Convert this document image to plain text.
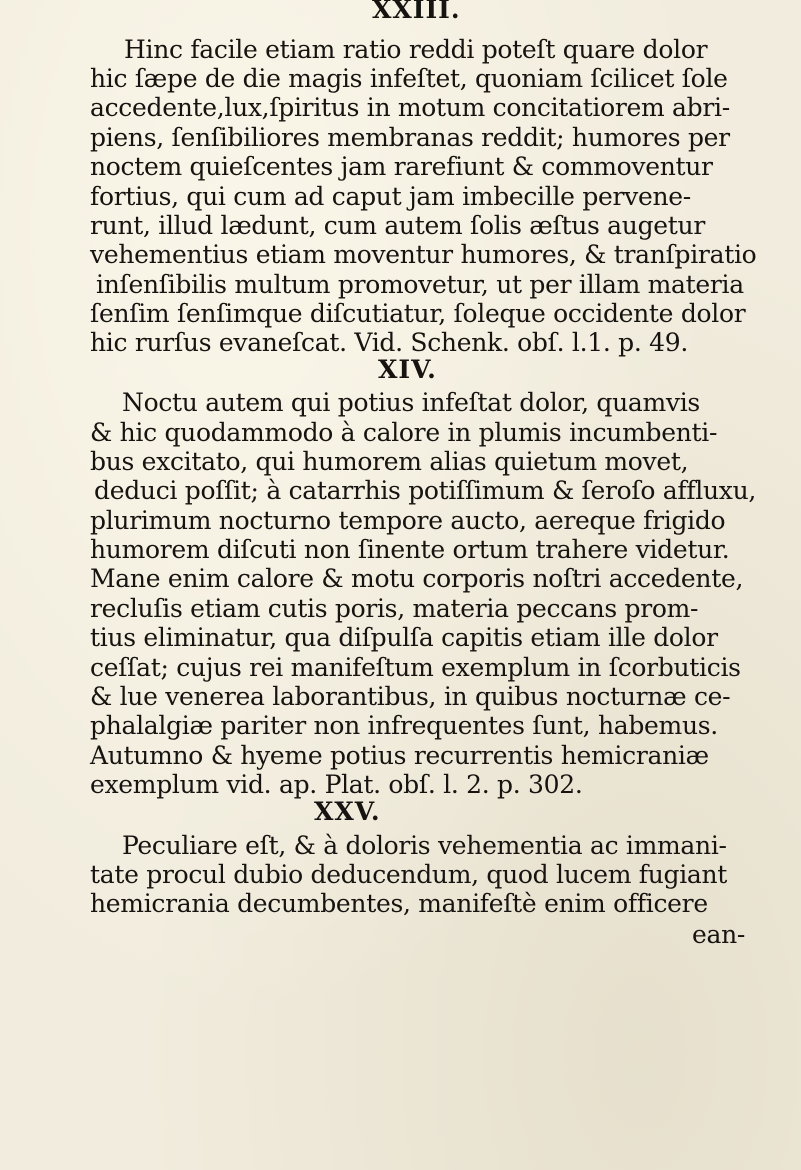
XXIII.
Hinc facile etiam ratio reddi poteſt quare dolor
hic ſæpe de die magis infeſtet, quoniam ſcilicet ſole
accedente,lux,ſpiritus in motum concitatiorem abri-
piens, ſenſibiliores membranas reddit; humores per
noctem quieſcentes jam rarefiunt & commoventur
fortius, qui cum ad caput jam imbecille pervene-
runt, illud lædunt, cum autem ſolis æſtus augetur
vehementius etiam moventur humores, & tranſpiratio
inſenſibilis multum promovetur, ut per illam materia
ſenſim ſenſimque diſcutiatur, ſoleque occidente dolor
hic rurſus evaneſcat. Vid. Schenk. obſ. l.1. p. 49.
XIV.
Noctu autem qui potius infeſtat dolor, quamvis
& hic quodammodo à calore in plumis incumbenti-
bus excitato, qui humorem alias quietum movet,
deduci poſſit; à catarrhis potiſſimum & ſeroſo affluxu,
plurimum nocturno tempore aucto, aereque frigido
humorem diſcuti non ſinente ortum trahere videtur.
Mane enim calore & motu corporis noſtri accedente,
recluſis etiam cutis poris, materia peccans prom-
tius eliminatur, qua diſpulſa capitis etiam ille dolor
ceſſat; cujus rei manifeſtum exemplum in ſcorbuticis
& lue venerea laborantibus, in quibus nocturnæ ce-
phalalgiæ pariter non infrequentes ſunt, habemus.
Autumno & hyeme potius recurrentis hemicraniæ
exemplum vid. ap. Plat. obſ. l. 2. p. 302.
XXV.
Peculiare eſt, & à doloris vehementia ac immani-
tate procul dubio deducendum, quod lucem fugiant
hemicrania decumbentes, manifeſtè enim officere
ean-
